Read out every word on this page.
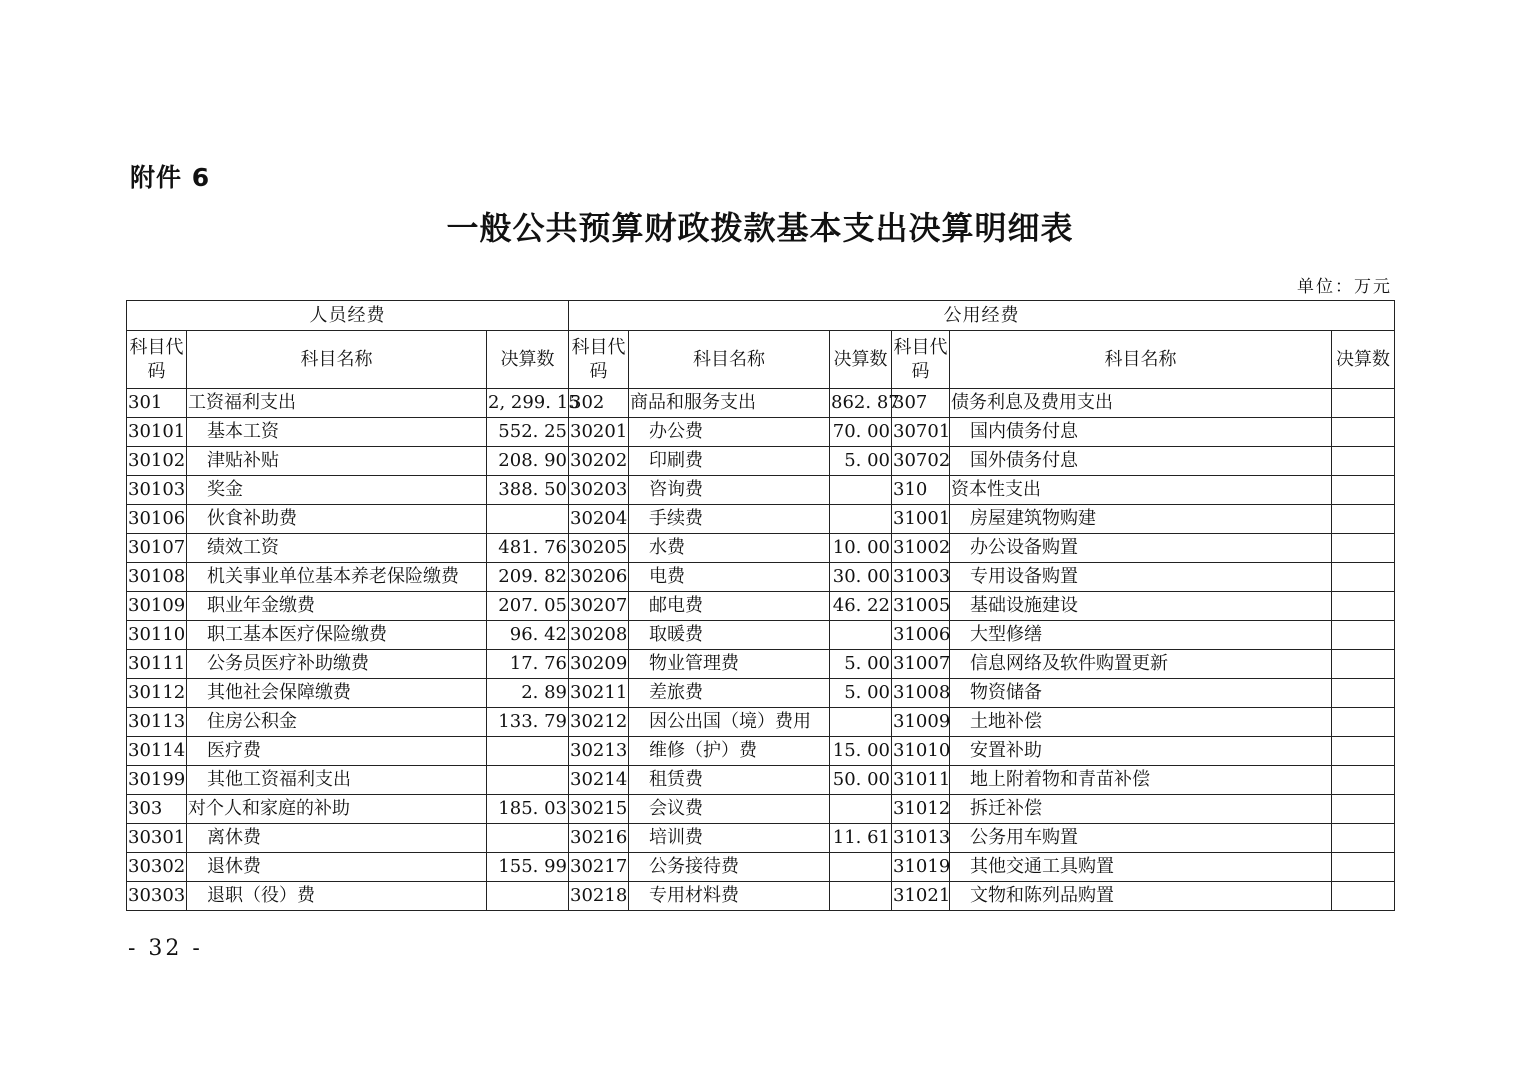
附件 6
一般公共预算财政拨款基本支出决算明细表
单位：万元
人员经费			公用经费					
科目代码	科目名称	决算数	科目代码	科目名称	决算数	科目代码	科目名称	决算数
301	工资福利支出	2, 299. 15	302	商品和服务支出	862. 87	307	债务利息及费用支出	
30101	基本工资	552. 25	30201	办公费	70. 00	30701	国内债务付息	
30102	津贴补贴	208. 90	30202	印刷费	5. 00	30702	国外债务付息	
30103	奖金	388. 50	30203	咨询费		310	资本性支出	
30106	伙食补助费		30204	手续费		31001	房屋建筑物购建	
30107	绩效工资	481. 76	30205	水费	10. 00	31002	办公设备购置	
30108	机关事业单位基本养老保险缴费	209. 82	30206	电费	30. 00	31003	专用设备购置	
30109	职业年金缴费	207. 05	30207	邮电费	46. 22	31005	基础设施建设	
30110	职工基本医疗保险缴费	96. 42	30208	取暖费		31006	大型修缮	
30111	公务员医疗补助缴费	17. 76	30209	物业管理费	5. 00	31007	信息网络及软件购置更新	
30112	其他社会保障缴费	2. 89	30211	差旅费	5. 00	31008	物资储备	
30113	住房公积金	133. 79	30212	因公出国（境）费用		31009	土地补偿	
30114	医疗费		30213	维修（护）费	15. 00	31010	安置补助	
30199	其他工资福利支出		30214	租赁费	50. 00	31011	地上附着物和青苗补偿	
303	对个人和家庭的补助	185. 03	30215	会议费		31012	拆迁补偿	
30301	离休费		30216	培训费	11. 61	31013	公务用车购置	
30302	退休费	155. 99	30217	公务接待费		31019	其他交通工具购置	
30303	退职（役）费		30218	专用材料费		31021	文物和陈列品购置	
- 32 -
